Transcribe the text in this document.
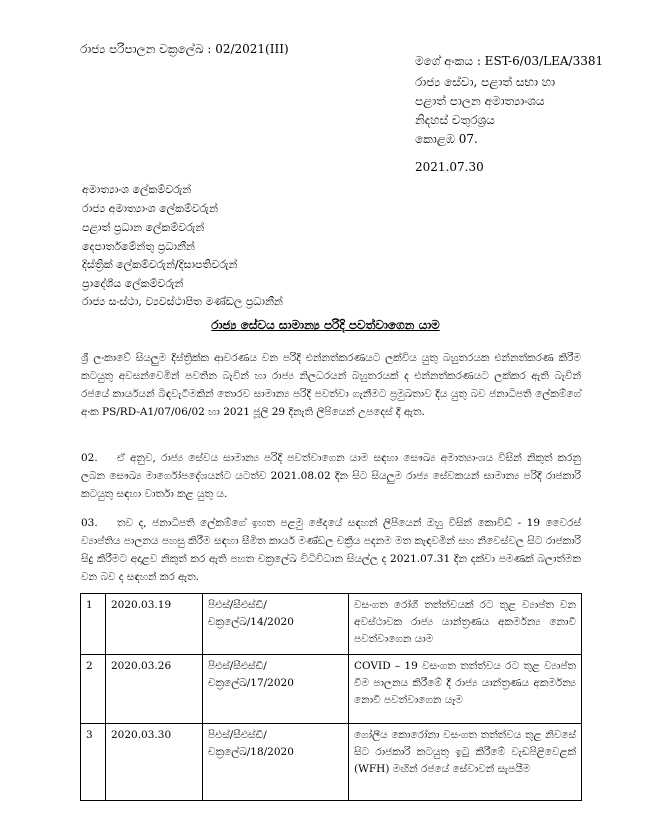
රාජ්‍ය පරිපාලන චක්‍රලේඛ : 02/2021(III)
මගේ අංකය : EST-6/03/LEA/3381
රාජ්‍ය සේවා, පළාත් සභා හා
පළාත් පාලන අමාත්‍යාංශය
නිදහස් චතුරශ්‍රය
කොළඹ 07.
2021.07.30
අමාත්‍යාංශ ලේකම්වරුන්
රාජ්‍ය අමාත්‍යාංශ ලේකම්වරුන්
පළාත් ප්‍රධාන ලේකම්වරුන්
දෙපාර්තමේන්තු ප්‍රධානීන්
දිස්ත්‍රික් ලේකම්වරුන්/දිසාපතිවරුන්
ප්‍රාදේශීය ලේකම්වරුන්
රාජ්‍ය සංස්ථා, ව්‍යවස්ථාපිත මණ්ඩල ප්‍රධානීන්
රාජ්‍ය සේවය සාමාන්‍ය පරිදි පවත්වාගෙන යාම
ශ්‍රී ලංකාවේ සියලුම දිස්ත්‍රික්ක ආවරණය වන පරිදි එන්නත්කරණයට ලක්විය යුතු බහුතරයක එන්නත්කරණ කිරීම කටයුතු අවසන්වෙමින් පවතින බැවින් හා රාජ්‍ය නිලධරයන් බහුතරයක් ද එන්නත්කරණයට ලක්කර ඇති බැවින් රජයේ කාර්යයන් බිඳවැටීමකින් තොරව සාමාන්‍ය පරිදි පවත්වා ගැනීමට ප්‍රමුඛතාව දිය යුතු බව ජනාධිපති ලේකම්ගේ අංක PS/RD-A1/07/06/02 හා 2021 ජූලි 29 දිනැති ලිපියෙන් උපදෙස් දී ඇත.
02. ඒ අනුව, රාජ්‍ය සේවය සාමාන්‍ය පරිදි පවත්වාගෙන යාම සඳහා සෞඛ්‍ය අමාත්‍යාංශය විසින් නිකුත් කරනු ලබන සෞඛ්‍ය මාර්ගෝපදේශයන්ට යටත්ව 2021.08.02 දින සිට සියලුම රාජ්‍ය සේවකයන් සාමාන්‍ය පරිදි රාජකාරි කටයුතු සඳහා වාර්තා කළ යුතු ය.
03. තව ද, ජනාධිපති ලේකම්ගේ ඉහත පළමු ඡේදයේ සඳහන් ලිපියෙන් ඔහු විසින් කොවිඩ් - 19 වෛරස් ව්‍යාප්තිය පාලනය පහසු කිරීම සඳහා සීමිත කාර්ය මණ්ඩල චක්‍රීය පදනම මත කැඳවමින් සහ නිවෙස්වල සිට රාජකාරි සිදු කිරීමට අදාළව නිකුත් කර ඇති පහත චක්‍රලේඛ විධිවිධාන සියල්ල ද 2021.07.31 දින දක්වා පමණක් බලාත්මක වන බව ද සඳහන් කර ඇත.
1	2020.03.19	පිඑස්/සීඑස්ඩී/චක්‍රලේඛ/14/2020	වසංගත රෝගී තත්ත්වයක් රට තුළ ව්‍යාප්ත වන අවස්ථාවක රාජ්‍ය යාන්ත්‍රණය අකර්මන්‍ය නොවී පවත්වාගෙන යාම
2	2020.03.26	පිඑස්/සීඑස්ඩී/චක්‍රලේඛ/17/2020	COVID – 19 වසංගත තත්ත්වය රට තුළ ව්‍යාප්ත වීම පාලනය කිරීමේ දී රාජ්‍ය යාන්ත්‍රණය අකර්මන්‍ය නොවී පවත්වාගෙන යෑම
3	2020.03.30	පිඑස්/සීඑස්ඩී/චක්‍රලේඛ/18/2020	ගෝලීය කොරෝනා වසංගත තත්ත්වය තුළ නිවසේ සිට රාජකාරි කටයුතු ඉටු කිරීමේ වැඩපිළිවෙළක් (WFH) මඟින් රජයේ සේවාවන් සැපයීම
